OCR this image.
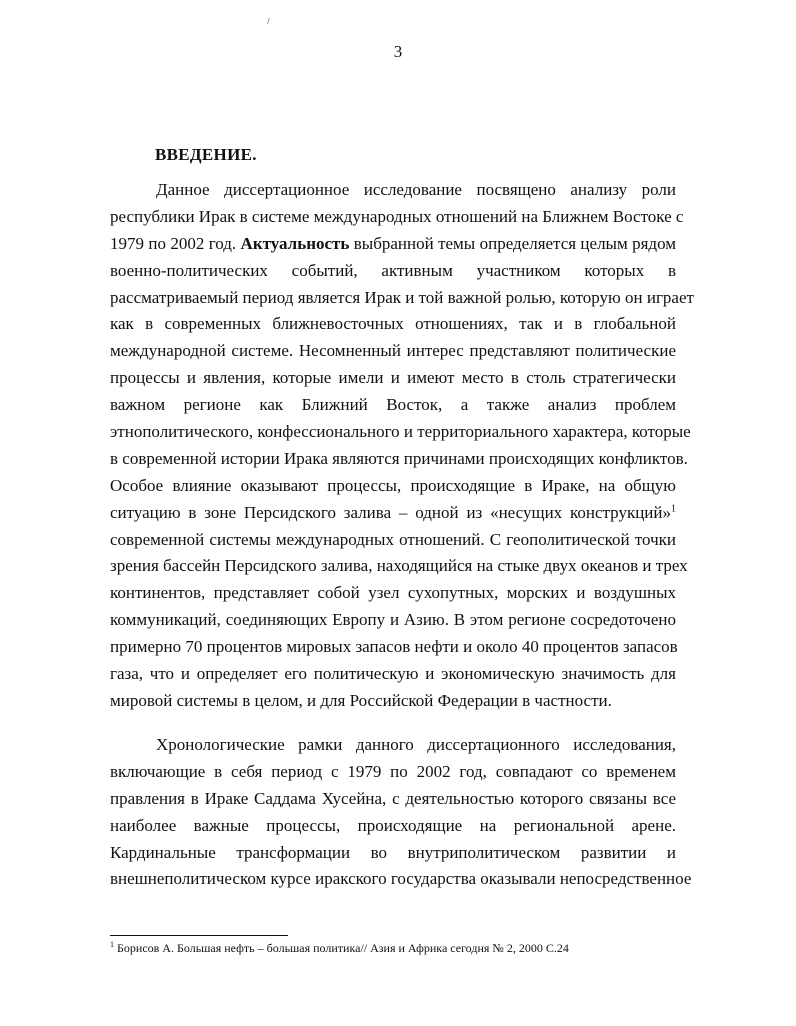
3
ВВЕДЕНИЕ.
Данное диссертационное исследование посвящено анализу роли
республики Ирак в системе международных отношений на Ближнем Востоке с
1979 по 2002 год. Актуальность выбранной темы определяется целым рядом
военно-политических событий, активным участником которых в
рассматриваемый период является Ирак и той важной ролью, которую он играет
как в современных ближневосточных отношениях, так и в глобальной
международной системе. Несомненный интерес представляют политические
процессы и явления, которые имели и имеют место в столь стратегически
важном регионе как Ближний Восток, а также анализ проблем
этнополитического, конфессионального и территориального характера, которые
в современной истории Ирака являются причинами происходящих конфликтов.
Особое влияние оказывают процессы, происходящие в Ираке, на общую
ситуацию в зоне Персидского залива – одной из «несущих конструкций»$^1$
современной системы международных отношений. С геополитической точки
зрения бассейн Персидского залива, находящийся на стыке двух океанов и трех
континентов, представляет собой узел сухопутных, морских и воздушных
коммуникаций, соединяющих Европу и Азию. В этом регионе сосредоточено
примерно 70 процентов мировых запасов нефти и около 40 процентов запасов
газа, что и определяет его политическую и экономическую значимость для
мировой системы в целом, и для Российской Федерации в частности.
Хронологические рамки данного диссертационного исследования,
включающие в себя период с 1979 по 2002 год, совпадают со временем
правления в Ираке Саддама Хусейна, с деятельностью которого связаны все
наиболее важные процессы, происходящие на региональной арене.
Кардинальные трансформации во внутриполитическом развитии и
внешнеполитическом курсе иракского государства оказывали непосредственное
$^1$ Борисов А. Большая нефть – большая политика// Азия и Африка сегодня № 2, 2000 С.24
